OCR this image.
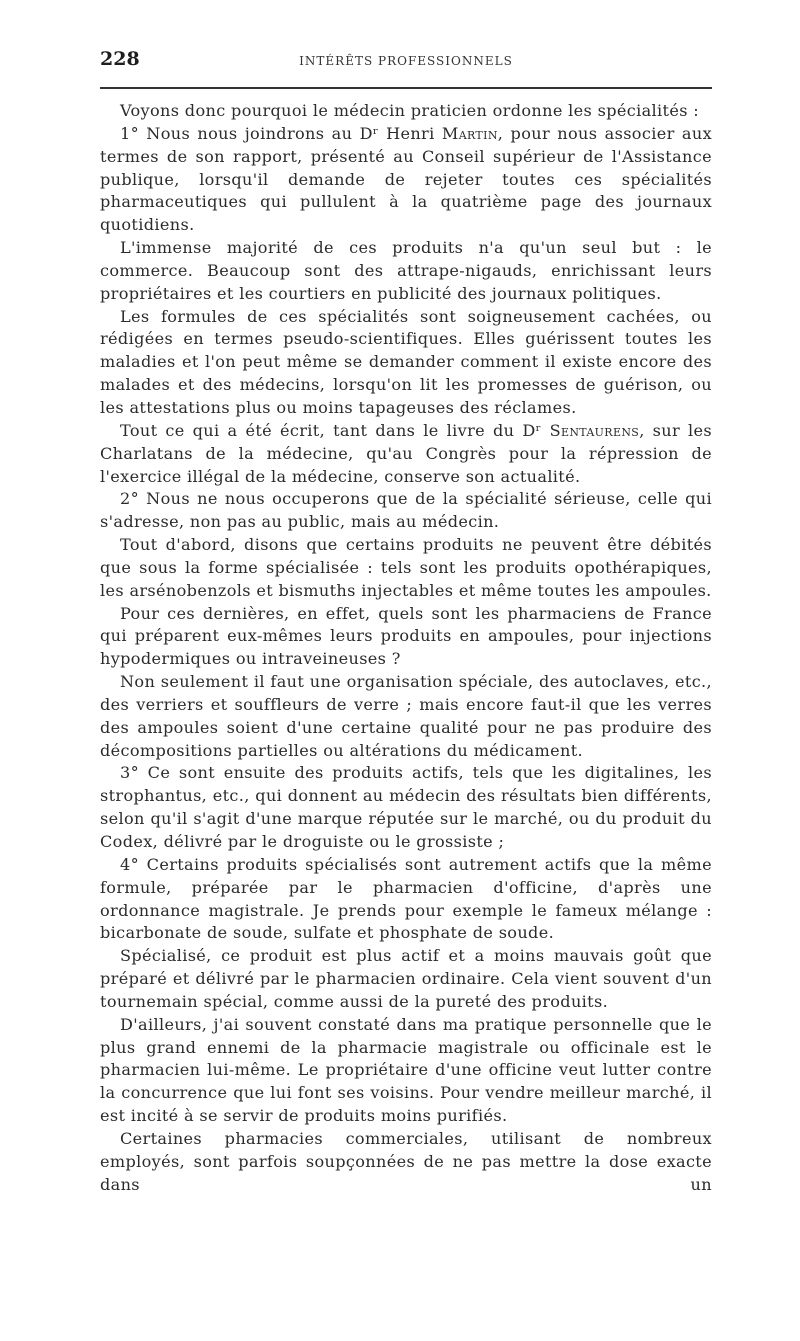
228	INTÉRÊTS PROFESSIONNELS

Voyons donc pourquoi le médecin praticien ordonne les spécialités :

1° Nous nous joindrons au Dʳ Henri Martin, pour nous associer aux termes de son rapport, présenté au Conseil supérieur de l'Assistance publique, lorsqu'il demande de rejeter toutes ces spécialités pharmaceutiques qui pullulent à la quatrième page des journaux quotidiens.

L'immense majorité de ces produits n'a qu'un seul but : le commerce. Beaucoup sont des attrape-nigauds, enrichissant leurs propriétaires et les courtiers en publicité des journaux politiques.

Les formules de ces spécialités sont soigneusement cachées, ou rédigées en termes pseudo-scientifiques. Elles guérissent toutes les maladies et l'on peut même se demander comment il existe encore des malades et des médecins, lorsqu'on lit les promesses de guérison, ou les attestations plus ou moins tapageuses des réclames.

Tout ce qui a été écrit, tant dans le livre du Dʳ Sentaurens, sur les Charlatans de la médecine, qu'au Congrès pour la répression de l'exercice illégal de la médecine, conserve son actualité.

2° Nous ne nous occuperons que de la spécialité sérieuse, celle qui s'adresse, non pas au public, mais au médecin.

Tout d'abord, disons que certains produits ne peuvent être débités que sous la forme spécialisée : tels sont les produits opothérapiques, les arsénobenzols et bismuths injectables et même toutes les ampoules.

Pour ces dernières, en effet, quels sont les pharmaciens de France qui préparent eux-mêmes leurs produits en ampoules, pour injections hypodermiques ou intraveineuses ?

Non seulement il faut une organisation spéciale, des autoclaves, etc., des verriers et souffleurs de verre ; mais encore faut-il que les verres des ampoules soient d'une certaine qualité pour ne pas produire des décompositions partielles ou altérations du médicament.

3° Ce sont ensuite des produits actifs, tels que les digitalines, les strophantus, etc., qui donnent au médecin des résultats bien différents, selon qu'il s'agit d'une marque réputée sur le marché, ou du produit du Codex, délivré par le droguiste ou le grossiste ;

4° Certains produits spécialisés sont autrement actifs que la même formule, préparée par le pharmacien d'officine, d'après une ordonnance magistrale. Je prends pour exemple le fameux mélange : bicarbonate de soude, sulfate et phosphate de soude.

Spécialisé, ce produit est plus actif et a moins mauvais goût que préparé et délivré par le pharmacien ordinaire. Cela vient souvent d'un tournemain spécial, comme aussi de la pureté des produits.

D'ailleurs, j'ai souvent constaté dans ma pratique personnelle que le plus grand ennemi de la pharmacie magistrale ou officinale est le pharmacien lui-même. Le propriétaire d'une officine veut lutter contre la concurrence que lui font ses voisins. Pour vendre meilleur marché, il est incité à se servir de produits moins purifiés.

Certaines pharmacies commerciales, utilisant de nombreux employés, sont parfois soupçonnées de ne pas mettre la dose exacte dans un
